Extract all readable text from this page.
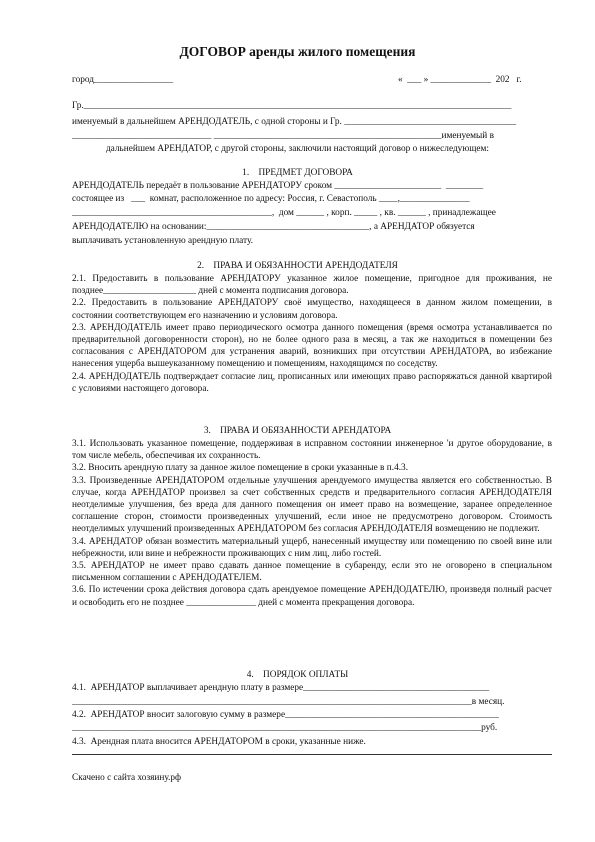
ДОГОВОР аренды жилого помещения
город_________________	«  ___ » _____________  202   г.
Гр.____________________________________________________________________________________________
именуемый в дальнейшем АРЕНДОДАТЕЛЬ, с одной стороны и Гр. _____________________________________
______________________________ _________________________________________________именуемый в
дальнейшем АРЕНДАТОР, с другой стороны, заключили настоящий договор о нижеследующем:
1.    ПРЕДМЕТ ДОГОВОРА
АРЕНДОДАТЕЛЬ передаёт в пользование АРЕНДАТОРУ сроком _______________________  ________
состоящее из   ___  комнат, расположенное по адресу: Россия, г. Севастополь ____,_______________
___________________________________________,  дом ______ , корп. _____ , кв. ______ , принадлежащее
АРЕНДОДАТЕЛЮ на основании:___________________________________, а АРЕНДАТОР обязуется
выплачивать установленную арендную плату.
2.    ПРАВА И ОБЯЗАННОСТИ АРЕНДОДАТЕЛЯ

2.1. Предоставить в пользование АРЕНДАТОРУ указанное жилое помещение, пригодное для проживания, не позднее____________________ дней с момента подписания договора.

2.2. Предоставить в пользование АРЕНДАТОРУ своё имущество, находящееся в данном жилом помещении, в состоянии соответствующем его назначению и условиям договора.

2.3. АРЕНДОДАТЕЛЬ имеет право периодического осмотра данного помещения (время осмотра устанавливается по предварительной договоренности сторон), но не более одного раза в месяц, а так же находиться в помещении без согласования с АРЕНДАТОРОМ для устранения аварий, возникших при отсутствии АРЕНДАТОРА, во избежание нанесения ущерба вышеуказанному помещению и помещениям, находящимся по соседству.

2.4. АРЕНДОДАТЕЛЬ подтверждает согласие лиц, прописанных или имеющих право распоряжаться данной квартирой с условиями настоящего договора.

3.    ПРАВА И ОБЯЗАННОСТИ АРЕНДАТОРА

3.1. Использовать указанное помещение, поддерживая в исправном состоянии инженерное 'и другое оборудование, в том числе мебель, обеспечивая их сохранность.

3.2. Вносить арендную плату за данное жилое помещение в сроки указанные в п.4.3.

3.3. Произведенные АРЕНДАТОРОМ отдельные улучшения арендуемого имущества является его собственностью. В случае, когда АРЕНДАТОР произвел за счет собственных средств и предварительного согласия АРЕНДОДАТЕЛЯ неотделимые улучшения, без вреда для данного помещения он имеет право на возмещение, заранее определенное соглашение сторон, стоимости произведенных улучшений, если иное не предусмотрено договором. Стоимость неотделимых улучшений произведенных АРЕНДАТОРОМ без согласия АРЕНДОДАТЕЛЯ возмещению не подлежит.

3.4. АРЕНДАТОР обязан возместить материальный ущерб, нанесенный имуществу или помещению по своей вине или небрежности, или вине и небрежности проживающих с ним лиц, либо гостей.

3.5. АРЕНДАТОР не имеет право сдавать данное помещение в субаренду, если это не оговорено в специальном письменном соглашении с АРЕНДОДАТЕЛЕМ.

3.6. По истечении срока действия договора сдать арендуемое помещение АРЕНДОДАТЕЛЮ, произведя полный расчет и освободить его не позднее _______________ дней с момента прекращения договора.

4.    ПОРЯДОК ОПЛАТЫ
4.1.  АРЕНДАТОР выплачивает арендную плату в размере________________________________________
______________________________________________________________________________________в месяц.
4.2.  АРЕНДАТОР вносит залоговую сумму в размере______________________________________________
________________________________________________________________________________________руб.
4.3.  Арендная плата вносится АРЕНДАТОРОМ в сроки, указанные ниже.
Скачено с сайта хозяину.рф
